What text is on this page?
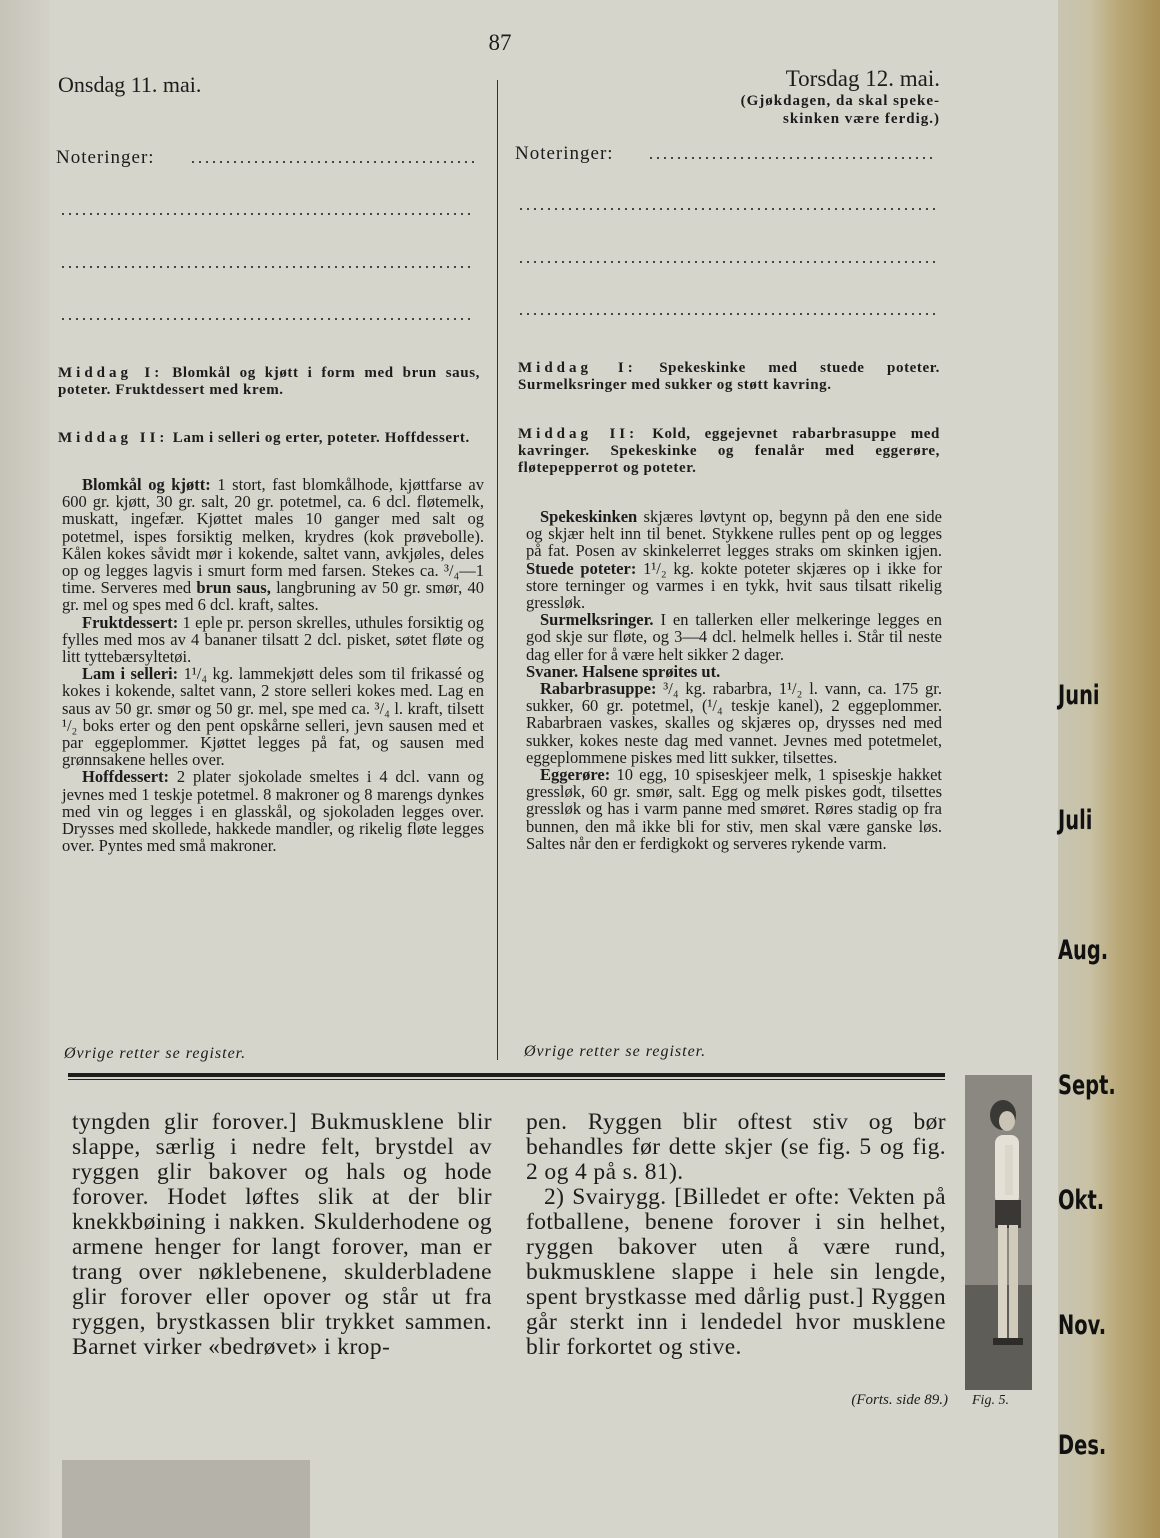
87
Onsdag 11. mai.
Noteringer:
Middag I: Blomkål og kjøtt i form med brun saus, poteter. Fruktdessert med krem.
Middag II: Lam i selleri og erter, poteter. Hoffdessert.
Blomkål og kjøtt: 1 stort, fast blomkålhode, kjøttfarse av 600 gr. kjøtt, 30 gr. salt, 20 gr. potetmel, ca. 6 dcl. fløtemelk, muskatt, ingefær. Kjøttet males 10 ganger med salt og potetmel, ispes forsiktig melken, krydres (kok prøvebolle). Kålen kokes såvidt mør i kokende, saltet vann, avkjøles, deles op og legges lagvis i smurt form med farsen. Stekes ca. ³/₄—1 time. Serveres med brun saus, langbruning av 50 gr. smør, 40 gr. mel og spes med 6 dcl. kraft, saltes.
Fruktdessert: 1 eple pr. person skrelles, uthules forsiktig og fylles med mos av 4 bananer tilsatt 2 dcl. pisket, søtet fløte og litt tyttebærsyltetøi.
Lam i selleri: 1¹/₄ kg. lammekjøtt deles som til frikassé og kokes i kokende, saltet vann, 2 store selleri kokes med. Lag en saus av 50 gr. smør og 50 gr. mel, spe med ca. ³/₄ l. kraft, tilsett ¹/₂ boks erter og den pent opskårne selleri, jevn sausen med et par eggeplommer. Kjøttet legges på fat, og sausen med grønnsakene helles over.
Hoffdessert: 2 plater sjokolade smeltes i 4 dcl. vann og jevnes med 1 teskje potetmel. 8 makroner og 8 marengs dynkes med vin og legges i en glasskål, og sjokoladen legges over. Drysses med skollede, hakkede mandler, og rikelig fløte legges over. Pyntes med små makroner.
Øvrige retter se register.
Torsdag 12. mai.
(Gjøkdagen, da skal speke-
skinken være ferdig.)
Noteringer:
Middag I: Spekeskinke med stuede poteter. Surmelksringer med sukker og støtt kavring.
Middag II: Kold, eggejevnet rabarbrasuppe med kavringer. Spekeskinke og fenalår med eggerøre, fløtepepperrot og poteter.
Spekeskinken skjæres løvtynt op, begynn på den ene side og skjær helt inn til benet. Stykkene rulles pent op og legges på fat. Posen av skinkelerret legges straks om skinken igjen. Stuede poteter: 1¹/₂ kg. kokte poteter skjæres op i ikke for store terninger og varmes i en tykk, hvit saus tilsatt rikelig gressløk.
Surmelksringer. I en tallerken eller melkeringe legges en god skje sur fløte, og 3—4 dcl. helmelk helles i. Står til neste dag eller for å være helt sikker 2 dager.
Svaner. Halsene sprøites ut.
Rabarbrasuppe: ³/₄ kg. rabarbra, 1¹/₂ l. vann, ca. 175 gr. sukker, 60 gr. potetmel, (¹/₄ teskje kanel), 2 eggeplommer. Rabarbraen vaskes, skalles og skjæres op, drysses ned med sukker, kokes neste dag med vannet. Jevnes med potetmelet, eggeplommene piskes med litt sukker, tilsettes.
Eggerøre: 10 egg, 10 spiseskjeer melk, 1 spiseskje hakket gressløk, 60 gr. smør, salt. Egg og melk piskes godt, tilsettes gressløk og has i varm panne med smøret. Røres stadig op fra bunnen, den må ikke bli for stiv, men skal være ganske løs. Saltes når den er ferdigkokt og serveres rykende varm.
Øvrige retter se register.
tyngden glir forover.] Bukmusklene blir slappe, særlig i nedre felt, brystdel av ryggen glir bakover og hals og hode forover. Hodet løftes slik at der blir knekkbøining i nakken. Skulderhodene og armene henger for langt forover, man er trang over nøklebenene, skulderbladene glir forover eller opover og står ut fra ryggen, brystkassen blir trykket sammen. Barnet virker «bedrøvet» i krop-
pen. Ryggen blir oftest stiv og bør behandles før dette skjer (se fig. 5 og fig. 2 og 4 på s. 81).
2) Svairygg. [Billedet er ofte: Vekten på fotballene, benene forover i sin helhet, ryggen bakover uten å være rund, bukmusklene slappe i hele sin lengde, spent brystkasse med dårlig pust.] Ryggen går sterkt inn i lendedel hvor musklene blir forkortet og stive.
(Forts. side 89.) Fig. 5.
Juni
Juli
Aug.
Sept.
Okt.
Nov.
Des.
